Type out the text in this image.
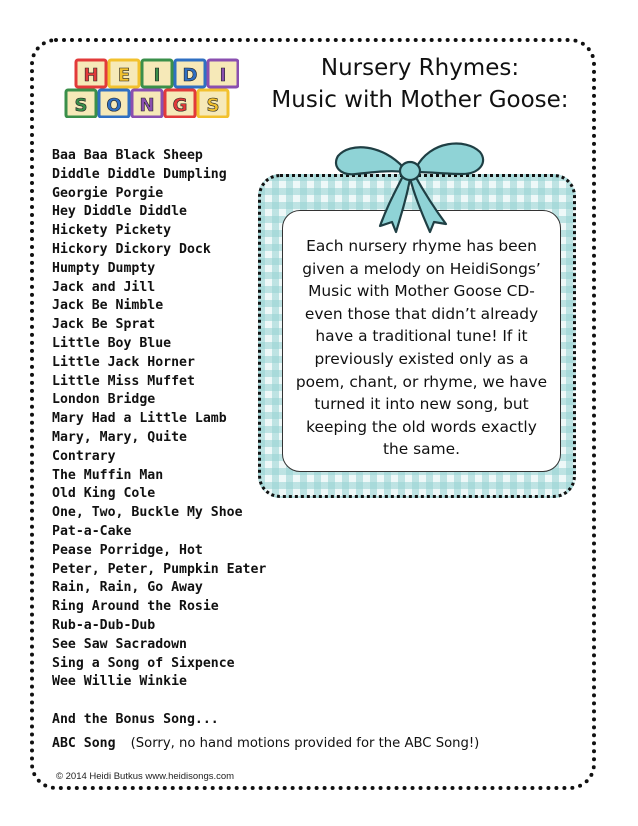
H E I D I
S O N G S
Nursery Rhymes:
Music with Mother Goose:
Baa Baa Black Sheep
Diddle Diddle Dumpling
Georgie Porgie
Hey Diddle Diddle
Hickety Pickety
Hickory Dickory Dock
Humpty Dumpty
Jack and Jill
Jack Be Nimble
Jack Be Sprat
Little Boy Blue
Little Jack Horner
Little Miss Muffet
London Bridge
Mary Had a Little Lamb
Mary, Mary, Quite
Contrary
The Muffin Man
Old King Cole
One, Two, Buckle My Shoe
Pat-a-Cake
Pease Porridge, Hot
Peter, Peter, Pumpkin Eater
Rain, Rain, Go Away
Ring Around the Rosie
Rub-a-Dub-Dub
See Saw Sacradown
Sing a Song of Sixpence
Wee Willie Winkie
Each nursery rhyme has been
given a melody on HeidiSongs’
Music with Mother Goose CD-
even those that didn’t already
have a traditional tune! If it
previously existed only as a
poem, chant, or rhyme, we have
turned it into new song, but
keeping the old words exactly
the same.
And the Bonus Song...
ABC Song (Sorry, no hand motions provided for the ABC Song!)
© 2014 Heidi Butkus www.heidisongs.com
